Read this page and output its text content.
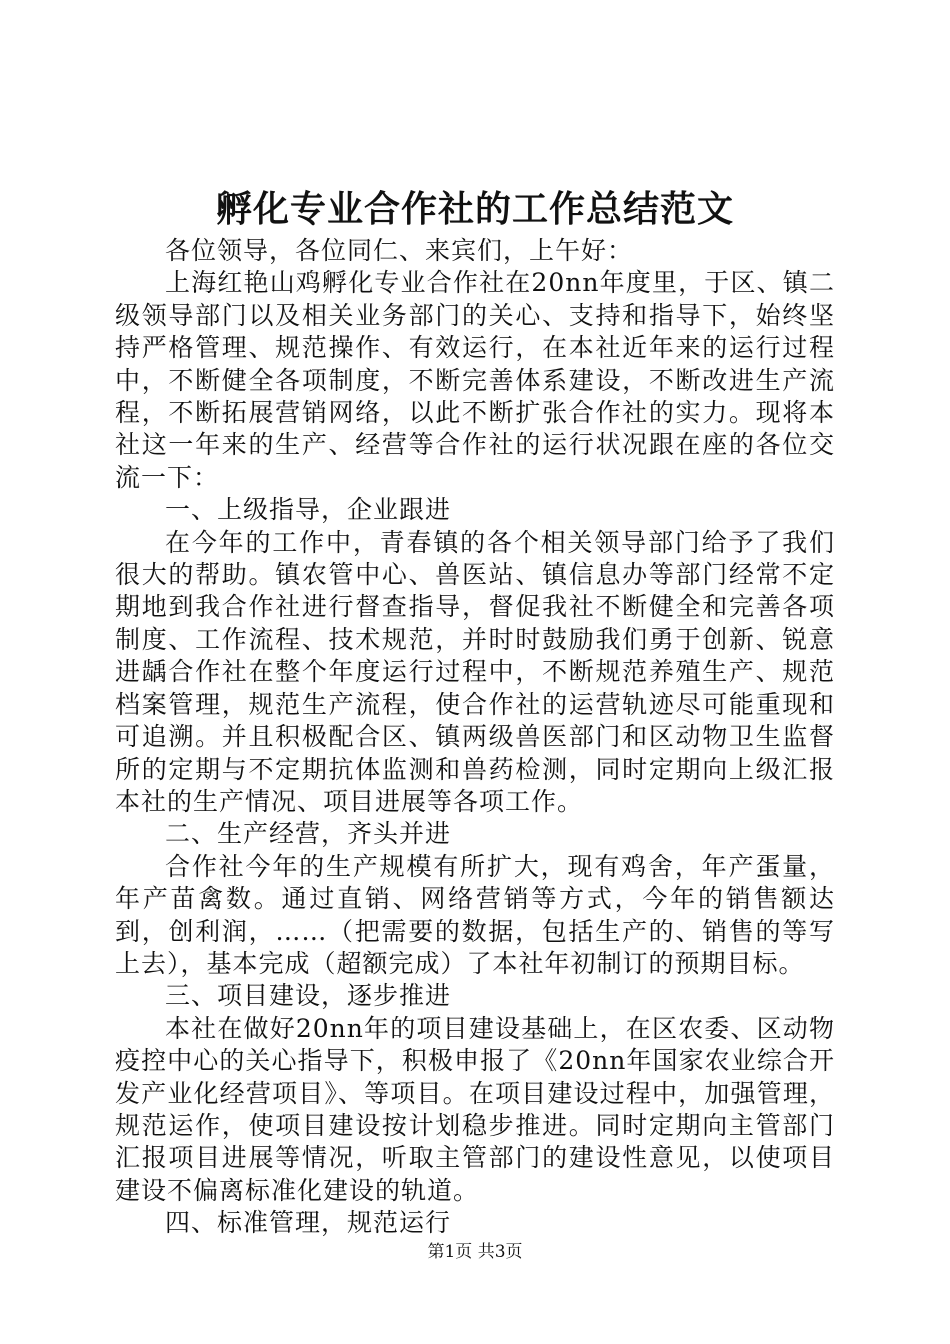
孵化专业合作社的工作总结范文

各位领导，各位同仁、来宾们，上午好：

上海红艳山鸡孵化专业合作社在20nn年度里，于区、镇二级领导部门以及相关业务部门的关心、支持和指导下，始终坚持严格管理、规范操作、有效运行，在本社近年来的运行过程中，不断健全各项制度，不断完善体系建设，不断改进生产流程，不断拓展营销网络，以此不断扩张合作社的实力。现将本社这一年来的生产、经营等合作社的运行状况跟在座的各位交流一下：

一、上级指导，企业跟进

在今年的工作中，青春镇的各个相关领导部门给予了我们很大的帮助。镇农管中心、兽医站、镇信息办等部门经常不定期地到我合作社进行督查指导，督促我社不断健全和完善各项制度、工作流程、技术规范，并时时鼓励我们勇于创新、锐意进龋合作社在整个年度运行过程中，不断规范养殖生产、规范档案管理，规范生产流程，使合作社的运营轨迹尽可能重现和可追溯。并且积极配合区、镇两级兽医部门和区动物卫生监督所的定期与不定期抗体监测和兽药检测，同时定期向上级汇报本社的生产情况、项目进展等各项工作。

二、生产经营，齐头并进

合作社今年的生产规模有所扩大，现有鸡舍，年产蛋量，年产苗禽数。通过直销、网络营销等方式，今年的销售额达到，创利润，……（把需要的数据，包括生产的、销售的等写上去），基本完成（超额完成）了本社年初制订的预期目标。

三、项目建设，逐步推进

本社在做好20nn年的项目建设基础上，在区农委、区动物疫控中心的关心指导下，积极申报了《20nn年国家农业综合开发产业化经营项目》、等项目。在项目建设过程中，加强管理，规范运作，使项目建设按计划稳步推进。同时定期向主管部门汇报项目进展等情况，听取主管部门的建设性意见，以使项目建设不偏离标准化建设的轨道。

四、标准管理，规范运行

第1页 共3页
